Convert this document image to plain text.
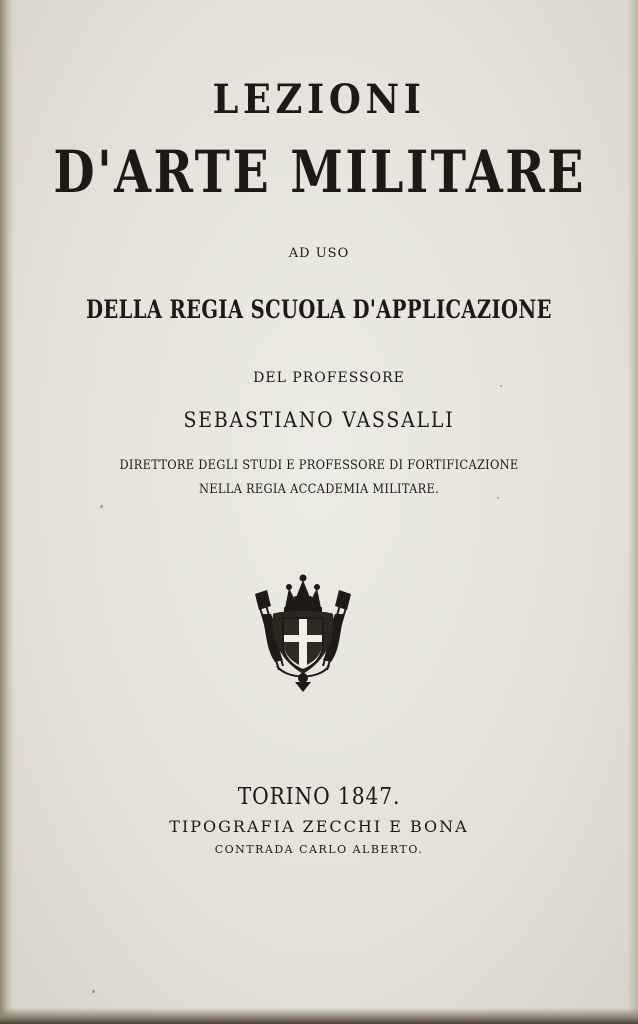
LEZIONI
D'ARTE MILITARE
AD USO
DELLA REGIA SCUOLA D'APPLICAZIONE
DEL PROFESSORE
SEBASTIANO VASSALLI
DIRETTORE DEGLI STUDI E PROFESSORE DI FORTIFICAZIONE
NELLA REGIA ACCADEMIA MILITARE.
TORINO 1847.
TIPOGRAFIA ZECCHI E BONA
CONTRADA CARLO ALBERTO.
